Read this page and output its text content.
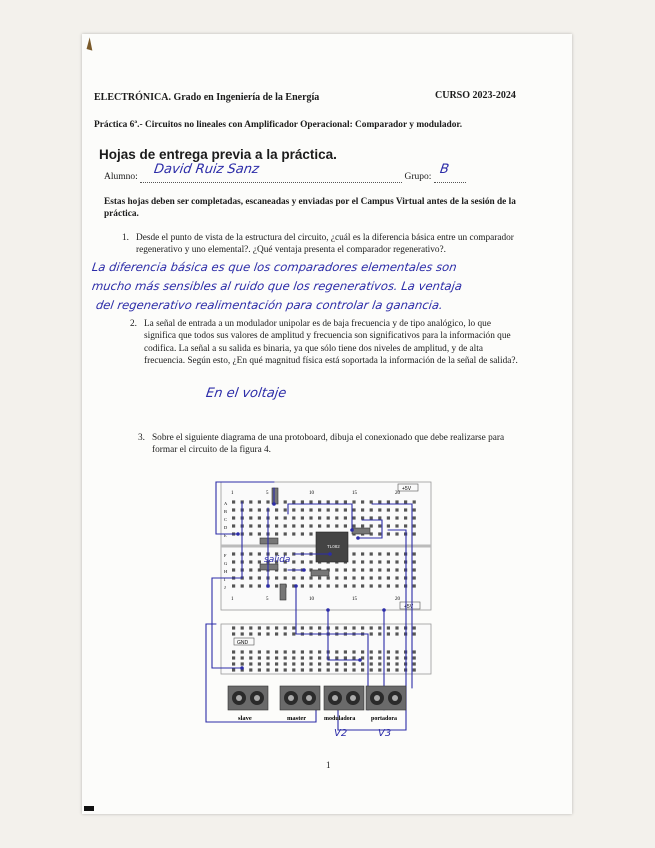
ELECTRÓNICA. Grado en Ingeniería de la Energía	CURSO 2023-2024
Práctica 6ª.- Circuitos no lineales con Amplificador Operacional: Comparador y modulador.
Hojas de entrega previa a la práctica.
Alumno: David Ruiz Sanz	Grupo: B

Estas hojas deben ser completadas, escaneadas y enviadas por el Campus Virtual antes de la sesión de la práctica.
1. Desde el punto de vista de la estructura del circuito, ¿cuál es la diferencia básica entre un comparador regenerativo y uno elemental?. ¿Qué ventaja presenta el comparador regenerativo?.
La diferencia básica es que los comparadores elementales son
mucho más sensibles al ruido que los regenerativos. La ventaja
del regenerativo realimentación para controlar la ganancia.
2. La señal de entrada a un modulador unipolar es de baja frecuencia y de tipo analógico, lo que significa que todos sus valores de amplitud y frecuencia son significativos para la información que codifica. La señal a su salida es binaria, ya que sólo tiene dos niveles de amplitud, y de alta frecuencia. Según esto, ¿En qué magnitud física está soportada la información de la señal de salida?.
En el voltaje
3. Sobre el siguiente diagrama de una protoboard, dibuja el conexionado que debe realizarse para formar el circuito de la figura 4.
+5V
+5V
GND
1	5	10	15	20
1	5	10	15	20
A
B
C
D
E
F
G
H
I
J
TL082
salida
slave	master	moduladora	portadora
V2	V3
1
